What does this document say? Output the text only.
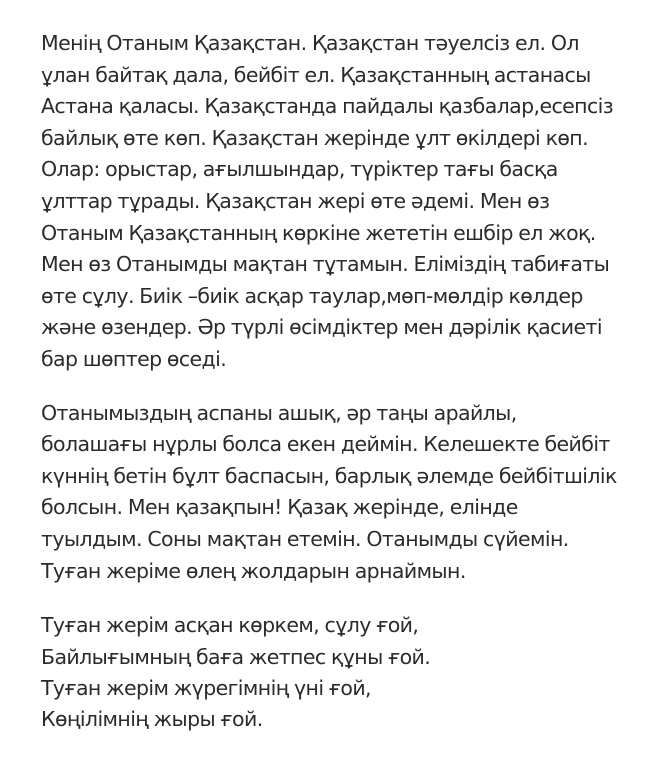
Менің Отаным Қазақстан. Қазақстан тәуелсіз ел. Ол
ұлан байтақ дала, бейбіт ел. Қазақстанның астанасы
Астана қаласы. Қазақстанда пайдалы қазбалар,есепсіз
байлық өте көп. Қазақстан жерінде ұлт өкілдері көп.
Олар: орыстар, ағылшындар, түріктер тағы басқа
ұлттар тұрады. Қазақстан жері өте әдемі. Мен өз
Отаным Қазақстанның көркіне жететін ешбір ел жоқ.
Мен өз Отанымды мақтан тұтамын. Еліміздің табиғаты
өте сұлу. Биік –биік асқар таулар,мөп-мөлдір көлдер
және өзендер. Әр түрлі өсімдіктер мен дәрілік қасиеті
бар шөптер өседі.
Отанымыздың аспаны ашық, әр таңы арайлы,
болашағы нұрлы болса екен деймін. Келешекте бейбіт
күннің бетін бұлт баспасын, барлық әлемде бейбітшілік
болсын. Мен қазақпын! Қазақ жерінде, елінде
туылдым. Соны мақтан етемін. Отанымды сүйемін.
Туған жеріме өлең жолдарын арнаймын.
Туған жерім асқан көркем, сұлу ғой,
Байлығымның баға жетпес құны ғой.
Туған жерім жүрегімнің үні ғой,
Көңілімнің жыры ғой.
